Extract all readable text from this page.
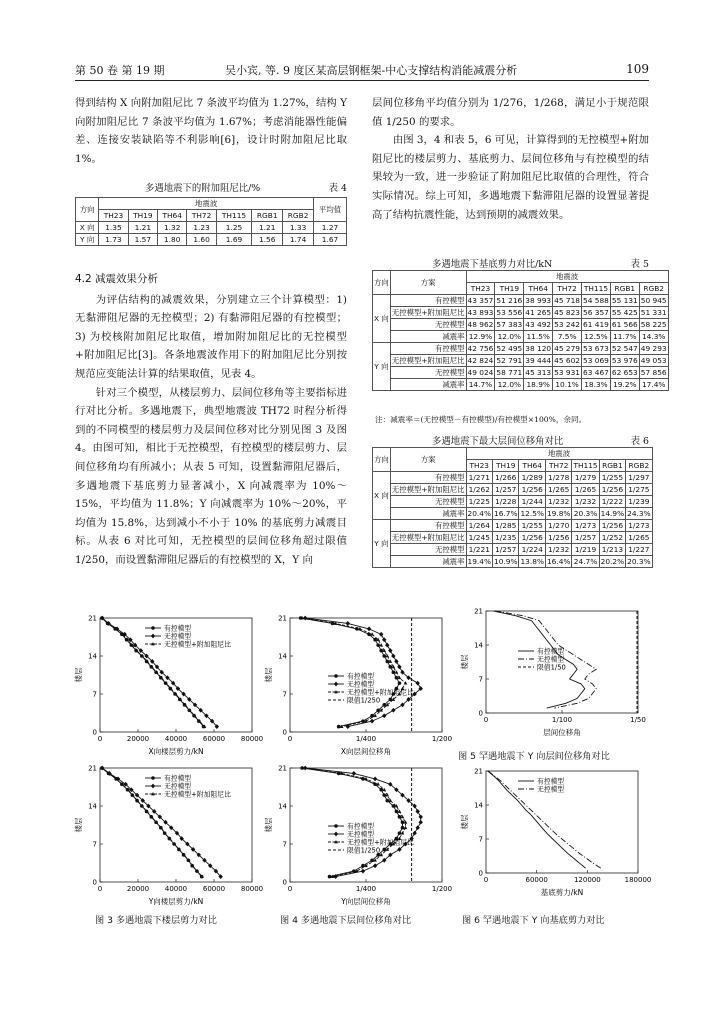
第 50 卷 第 19 期	吴小宾, 等. 9 度区某高层钢框架-中心支撑结构消能减震分析	109

得到结构 X 向附加阻尼比 7 条波平均值为 1.27%，结构 Y 向附加阻尼比 7 条波平均值为 1.67%；考虑消能器性能偏差、连接安装缺陷等不利影响[6]，设计时附加阻尼比取 1%。

多遇地震下的附加阻尼比/%	表 4
方向	地震波							平均值
	TH23	TH19	TH64	TH72	TH115	RGB1	RGB2	
X 向	1.35	1.21	1.32	1.23	1.25	1.21	1.33	1.27
Y 向	1.73	1.57	1.80	1.60	1.69	1.56	1.74	1.67
4.2 减震效果分析

为评估结构的减震效果，分别建立三个计算模型：1) 无黏滞阻尼器的无控模型；2) 有黏滞阻尼器的有控模型；3) 为校核附加阻尼比取值，增加附加阻尼比的无控模型+附加阻尼比[3]。各条地震波作用下的附加阻尼比分别按规范应变能法计算的结果取值，见表 4。

针对三个模型，从楼层剪力、层间位移角等主要指标进行对比分析。多遇地震下，典型地震波 TH72 时程分析得到的不同模型的楼层剪力及层间位移对比分别见图 3 及图 4。由图可知，相比于无控模型，有控模型的楼层剪力、层间位移角均有所减小；从表 5 可知，设置黏滞阻尼器后，多遇地震下基底剪力显著减小，X 向减震率为 10%～15%，平均值为 11.8%；Y 向减震率为 10%～20%，平均值为 15.8%，达到减小不小于 10% 的基底剪力减震目标。从表 6 对比可知，无控模型的层间位移角超过限值 1/250，而设置黏滞阻尼器后的有控模型的 X，Y 向

层间位移角平均值分别为 1/276，1/268，满足小于规范限值 1/250 的要求。

由图 3，4 和表 5，6 可见，计算得到的无控模型+附加阻尼比的楼层剪力、基底剪力、层间位移角与有控模型的结果较为一致，进一步验证了附加阻尼比取值的合理性，符合实际情况。综上可知，多遇地震下黏滞阻尼器的设置显著提高了结构抗震性能，达到预期的减震效果。

多遇地震下基底剪力对比/kN	表 5
方向	方案	地震波						
		TH23	TH19	TH64	TH72	TH115	RGB1	RGB2
X 向	有控模型	43 357	51 216	38 993	45 718	54 588	55 131	50 945
	无控模型+附加阻尼比	43 893	53 556	41 265	45 823	56 357	55 425	51 331
	无控模型	48 962	57 383	43 492	53 242	61 419	61 566	58 225
	减震率	12.9%	12.0%	11.5%	7.5%	12.5%	11.7%	14.3%
Y 向	有控模型	42 756	52 495	38 120	45 279	53 673	52 547	49 293
	无控模型+附加阻尼比	42 824	52 791	39 444	45 602	53 069	53 976	49 053
	无控模型	49 024	58 771	45 313	53 931	63 467	62 653	57 856
	减震率	14.7%	12.0%	18.9%	10.1%	18.3%	19.2%	17.4%
注：减震率＝(无控模型－有控模型)/有控模型×100%，余同。
多遇地震下最大层间位移角对比	表 6
方向	方案	地震波						
		TH23	TH19	TH64	TH72	TH115	RGB1	RGB2
X 向	有控模型	1/271	1/266	1/289	1/278	1/279	1/255	1/297
	无控模型+附加阻尼比	1/262	1/257	1/256	1/265	1/265	1/256	1/275
	无控模型	1/225	1/228	1/244	1/232	1/232	1/222	1/239
	减震率	20.4%	16.7%	12.5%	19.8%	20.3%	14.9%	24.3%
Y 向	有控模型	1/264	1/285	1/255	1/270	1/273	1/256	1/273
	无控模型+附加阻尼比	1/245	1/235	1/256	1/256	1/257	1/252	1/265
	无控模型	1/221	1/257	1/224	1/232	1/219	1/213	1/227
	减震率	19.4%	10.9%	13.8%	16.4%	24.7%	20.2%	20.3%
0	20000 40000 60000 80000
0
7
14
21
X向楼层剪力/kN
楼层
有控模型
无控模型
无控模型+附加阻尼比
0	20000 40000 60000 80000
0
7
14
21
Y向楼层剪力/kN
楼层
有控模型
无控模型
无控模型+附加阻尼比
0	1/400	1/200
0
7
14
21
X向层间位移角
楼层	有控模型
无控模型
无控模型+附加阻尼比
限值1/250
0	1/400	1/200
0
7
14
21
Y向层间位移角
楼层	有控模型
无控模型
无控模型+附加阻尼比
限值1/250
0	1/100	1/50
0
7
14
21
层间位移角
楼层
有控模型
无控模型
限值1/50
0	60000	120000	180000
0
7
14
21
基底剪力/kN
楼层
有控模型
无控模型
图 3 多遇地震下楼层剪力对比	图 4 多遇地震下层间位移角对比
图 5 罕遇地震下 Y 向层间位移角对比
图 6 罕遇地震下 Y 向基底剪力对比
